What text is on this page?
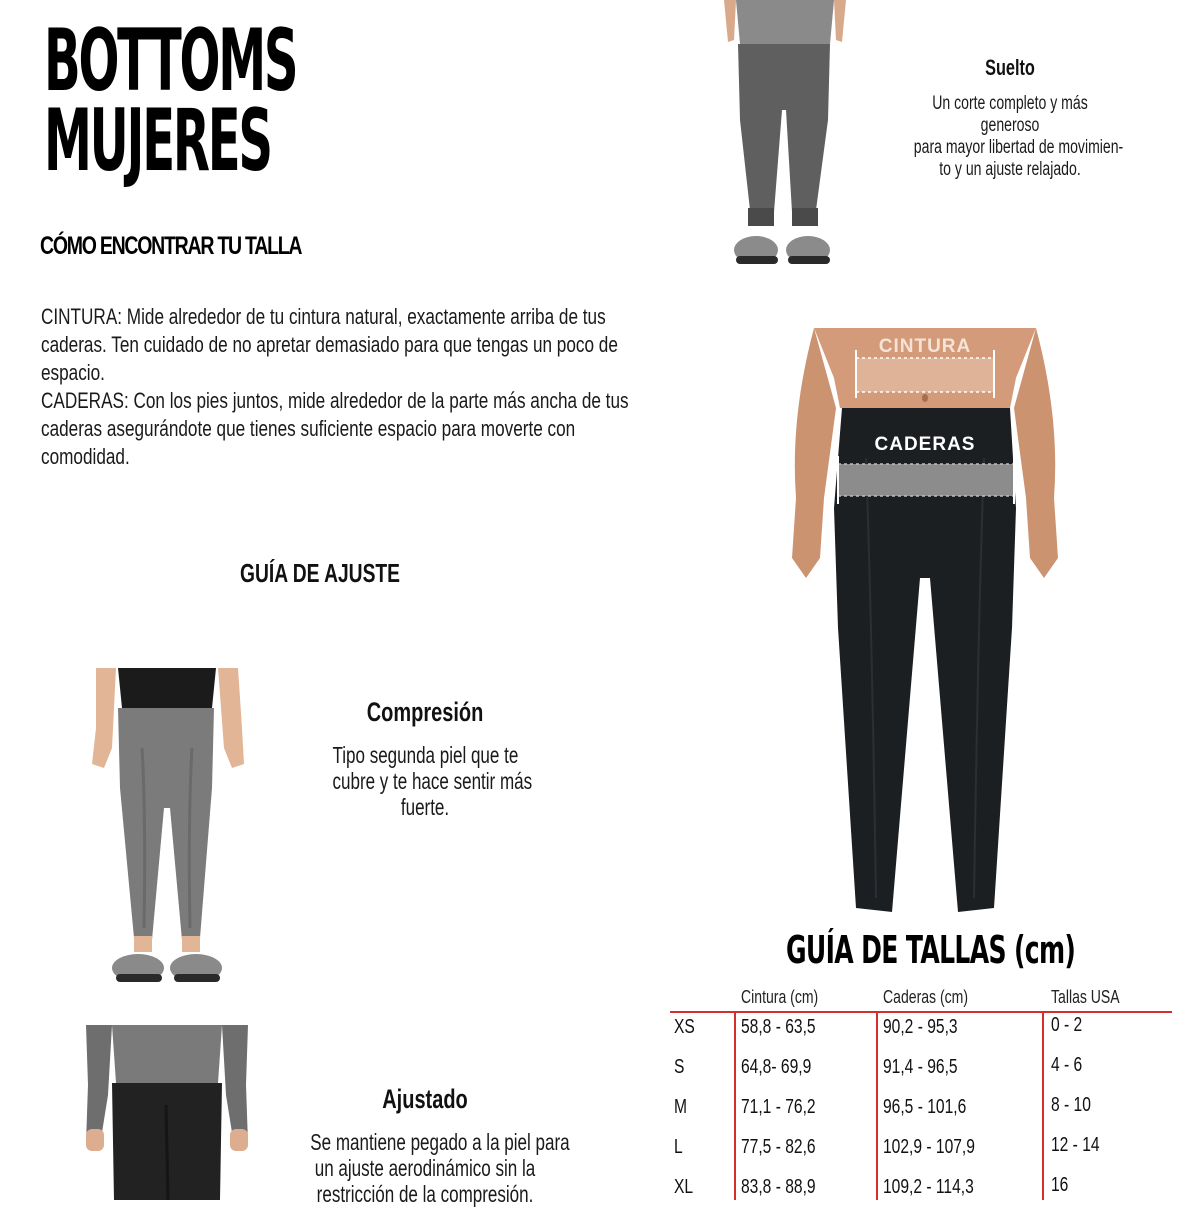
BOTTOMS
MUJERES
CÓMO ENCONTRAR TU TALLA
CINTURA: Mide alrededor de tu cintura natural, exactamente arriba de tus
caderas. Ten cuidado de no apretar demasiado para que tengas un poco de
espacio.
CADERAS: Con los pies juntos, mide alrededor de la parte más ancha de tus
caderas asegurándote que tienes suficiente espacio para moverte con
comodidad.
GUÍA DE AJUSTE
Compresión
Tipo segunda piel que te
cubre y te hace sentir más
fuerte.
Ajustado
Se mantiene pegado a la piel para
un ajuste aerodinámico sin la
restricción de la compresión.
Suelto
Un corte completo y más
generoso
para mayor libertad de movimien-
to y un ajuste relajado.
CINTURA
CADERAS
GUÍA DE TALLAS (cm)
Cintura (cm)	Caderas (cm)	Tallas USA
XS 58,8 - 63,5	90,2 - 95,3	0 - 2
S	64,8- 69,9	91,4 - 96,5	4 - 6
M	71,1 - 76,2	96,5 - 101,6	8 - 10
L	77,5 - 82,6	102,9 - 107,9	12 - 14
XL 83,8 - 88,9	109,2 - 114,3	16
